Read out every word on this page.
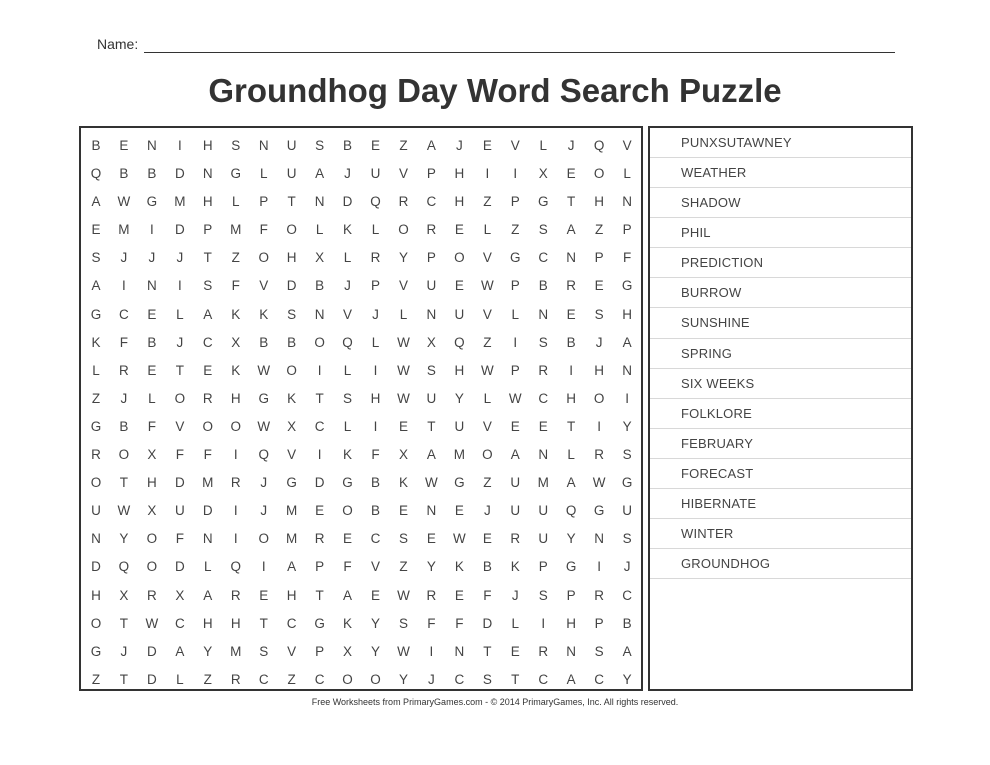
Name:
Groundhog Day Word Search Puzzle
B	E	N	I	H	S	N	U	S	B	E	Z	A	J	E	V	L	J	Q	V
Q	B	B	D	N	G	L	U	A	J	U	V	P	H	I	I	X	E	O	L
A	W	G	M	H	L	P	T	N	D	Q	R	C	H	Z	P	G	T	H	N
E	M	I	D	P	M	F	O	L	K	L	O	R	E	L	Z	S	A	Z	P
S	J	J	J	T	Z	O	H	X	L	R	Y	P	O	V	G	C	N	P	F
A	I	N	I	S	F	V	D	B	J	P	V	U	E	W	P	B	R	E	G
G	C	E	L	A	K	K	S	N	V	J	L	N	U	V	L	N	E	S	H
K	F	B	J	C	X	B	B	O	Q	L	W	X	Q	Z	I	S	B	J	A
L	R	E	T	E	K	W	O	I	L	I	W	S	H	W	P	R	I	H	N
Z	J	L	O	R	H	G	K	T	S	H	W	U	Y	L	W	C	H	O	I
G	B	F	V	O	O	W	X	C	L	I	E	T	U	V	E	E	T	I	Y
R	O	X	F	F	I	Q	V	I	K	F	X	A	M	O	A	N	L	R	S
O	T	H	D	M	R	J	G	D	G	B	K	W	G	Z	U	M	A	W	G
U	W	X	U	D	I	J	M	E	O	B	E	N	E	J	U	U	Q	G	U
N	Y	O	F	N	I	O	M	R	E	C	S	E	W	E	R	U	Y	N	S
D	Q	O	D	L	Q	I	A	P	F	V	Z	Y	K	B	K	P	G	I	J
H	X	R	X	A	R	E	H	T	A	E	W	R	E	F	J	S	P	R	C
O	T	W	C	H	H	T	C	G	K	Y	S	F	F	D	L	I	H	P	B
G	J	D	A	Y	M	S	V	P	X	Y	W	I	N	T	E	R	N	S	A
Z	T	D	L	Z	R	C	Z	C	O	O	Y	J	C	S	T	C	A	C	Y
PUNXSUTAWNEY
WEATHER
SHADOW
PHIL
PREDICTION
BURROW
SUNSHINE
SPRING
SIX WEEKS
FOLKLORE
FEBRUARY
FORECAST
HIBERNATE
WINTER
GROUNDHOG
Free Worksheets from PrimaryGames.com - © 2014 PrimaryGames, Inc. All rights reserved.
